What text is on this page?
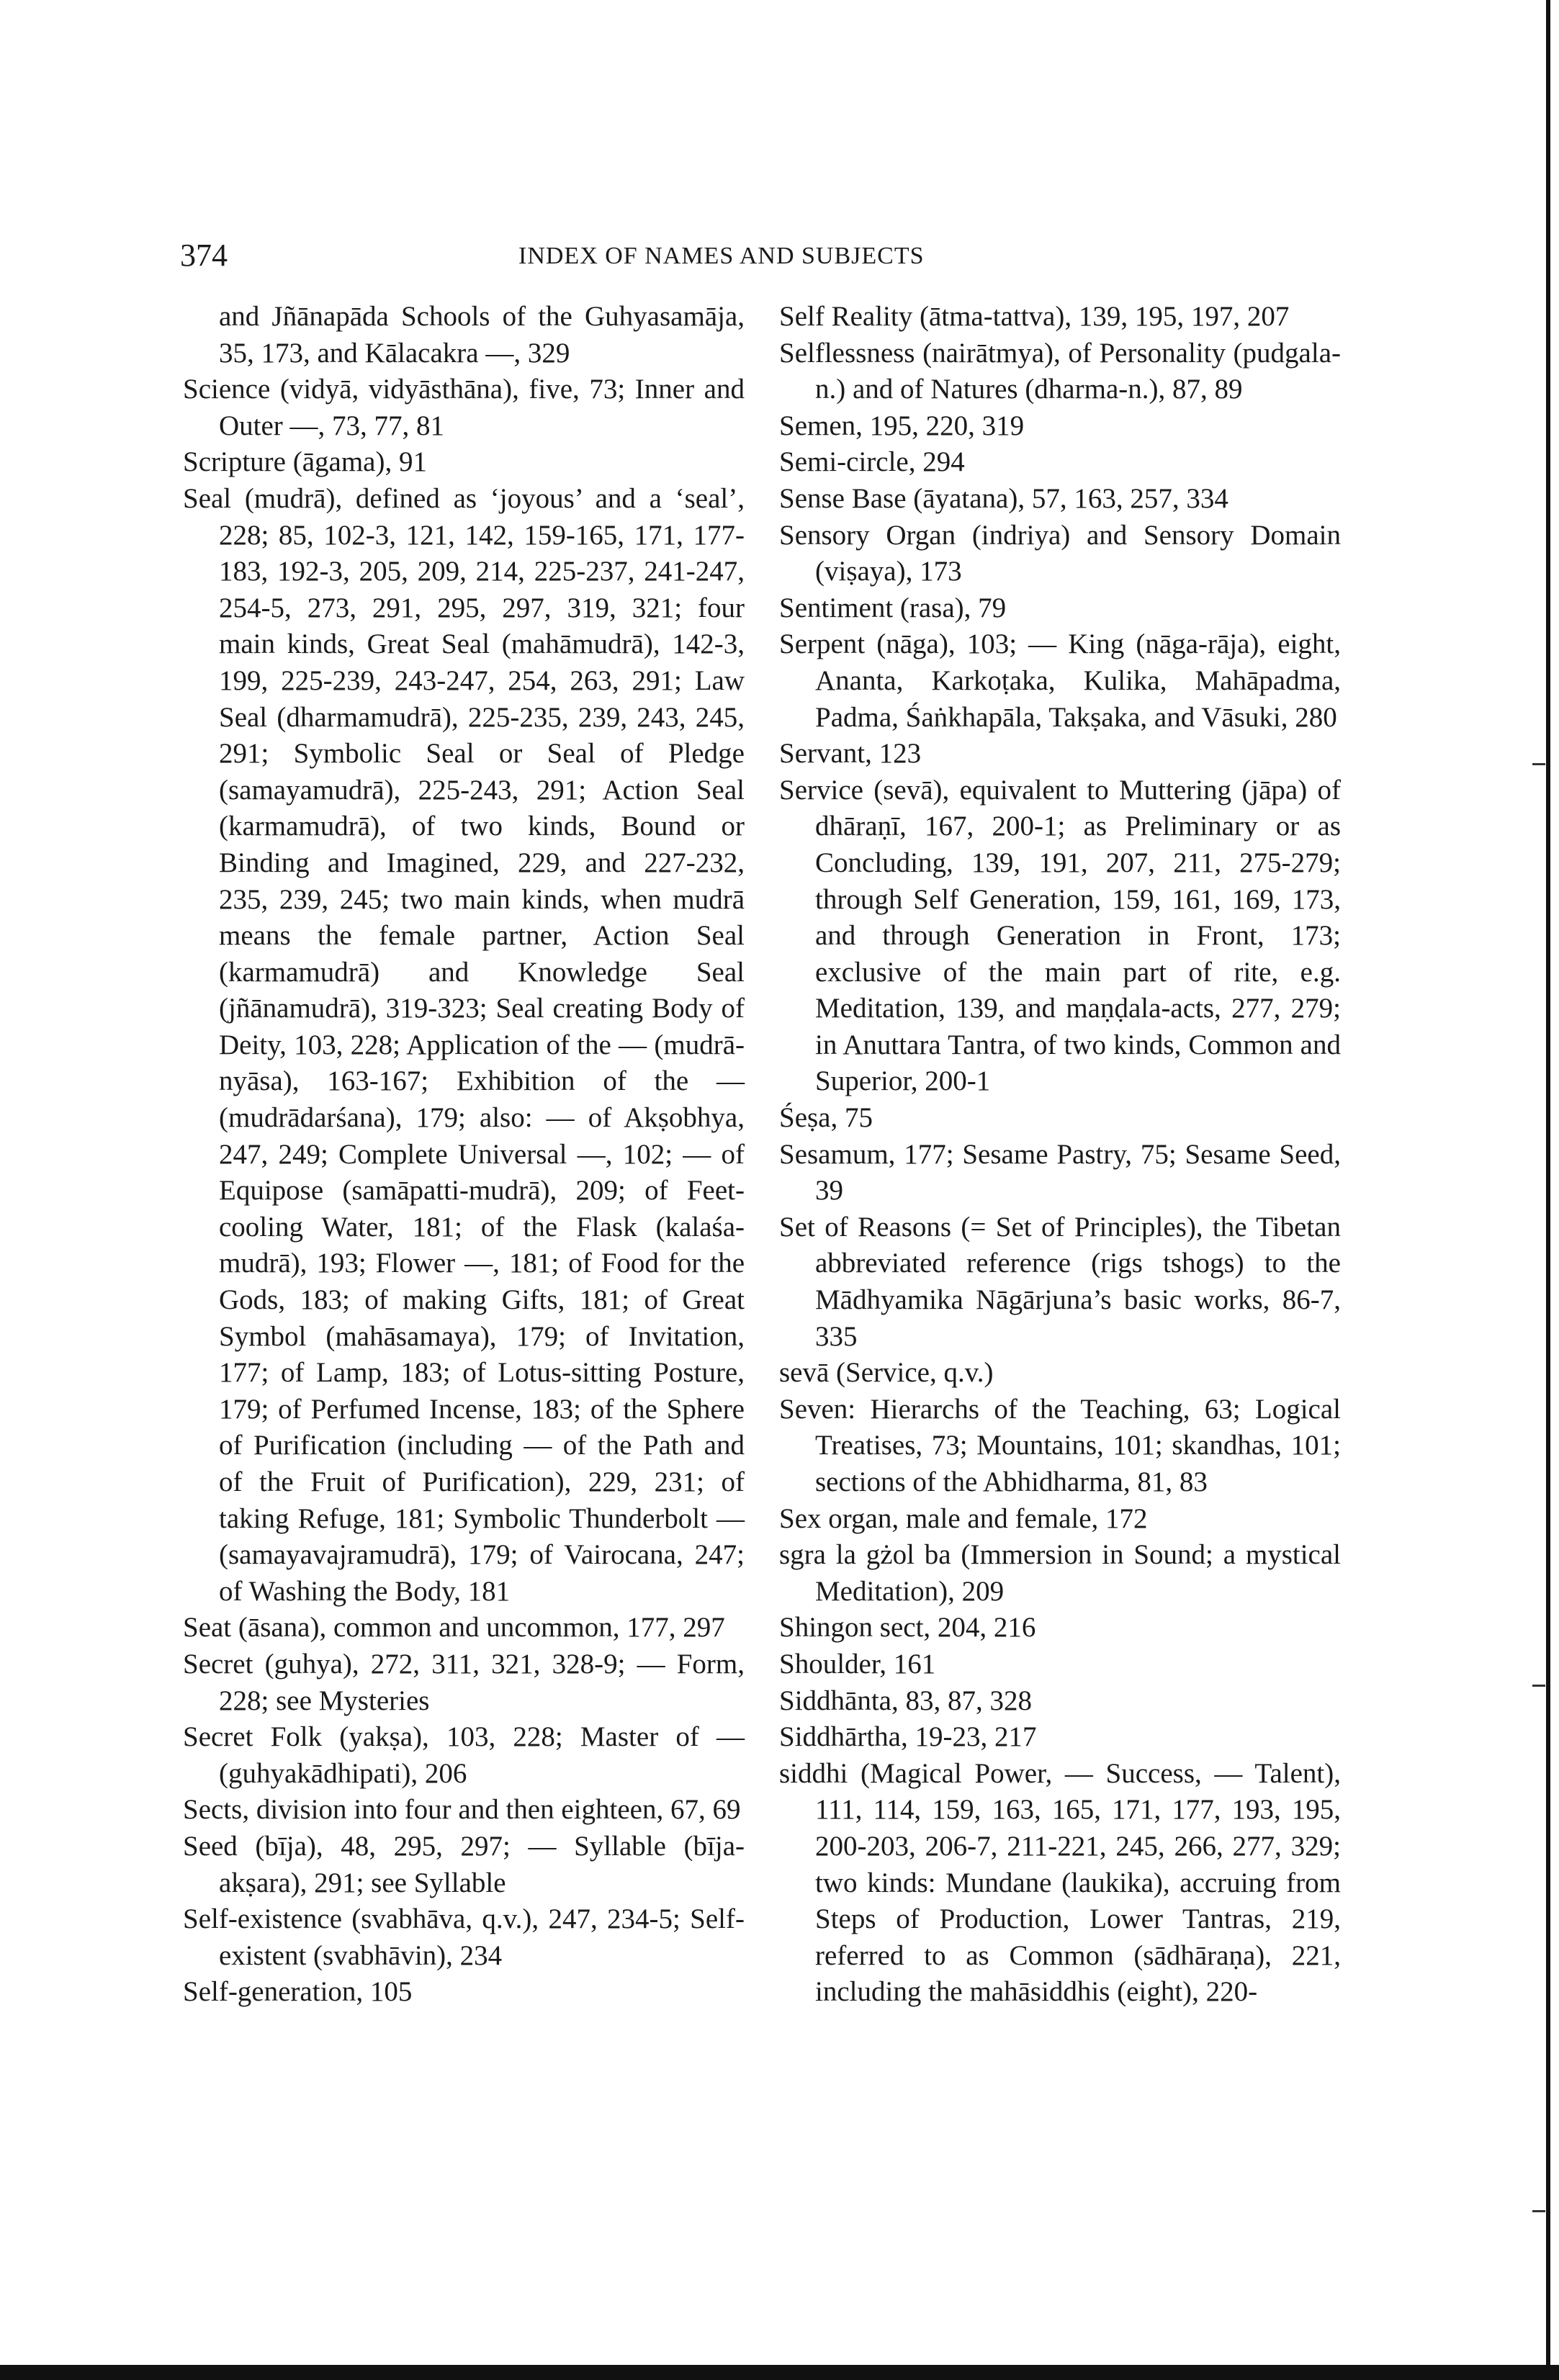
374	INDEX OF NAMES AND SUBJECTS

and Jñānapāda Schools of the Guhyasamāja, 35, 173, and Kālacakra —, 329

Science (vidyā, vidyāsthāna), five, 73; Inner and Outer —, 73, 77, 81

Scripture (āgama), 91

Seal (mudrā), defined as ‘joyous’ and a ‘seal’, 228; 85, 102-3, 121, 142, 159-165, 171, 177-183, 192-3, 205, 209, 214, 225-237, 241-247, 254-5, 273, 291, 295, 297, 319, 321; four main kinds, Great Seal (mahāmudrā), 142-3, 199, 225-239, 243-247, 254, 263, 291; Law Seal (dharmamudrā), 225-235, 239, 243, 245, 291; Symbolic Seal or Seal of Pledge (samayamudrā), 225-243, 291; Action Seal (karmamudrā), of two kinds, Bound or Binding and Imagined, 229, and 227-232, 235, 239, 245; two main kinds, when mudrā means the female partner, Action Seal (karmamudrā) and Knowledge Seal (jñānamudrā), 319-323; Seal creating Body of Deity, 103, 228; Application of the — (mudrā-nyāsa), 163-167; Exhibition of the — (mudrādarśana), 179; also: — of Akṣobhya, 247, 249; Complete Universal —, 102; — of Equipose (samāpatti-mudrā), 209; of Feet-cooling Water, 181; of the Flask (kalaśa-mudrā), 193; Flower —, 181; of Food for the Gods, 183; of making Gifts, 181; of Great Symbol (mahāsamaya), 179; of Invitation, 177; of Lamp, 183; of Lotus-sitting Posture, 179; of Perfumed Incense, 183; of the Sphere of Purification (including — of the Path and of the Fruit of Purification), 229, 231; of taking Refuge, 181; Symbolic Thunderbolt — (samayavajramudrā), 179; of Vairocana, 247; of Washing the Body, 181

Seat (āsana), common and uncommon, 177, 297

Secret (guhya), 272, 311, 321, 328-9; — Form, 228; see Mysteries

Secret Folk (yakṣa), 103, 228; Master of — (guhyakādhipati), 206

Sects, division into four and then eighteen, 67, 69

Seed (bīja), 48, 295, 297; — Syllable (bīja-akṣara), 291; see Syllable

Self-existence (svabhāva, q.v.), 247, 234-5; Self-existent (svabhāvin), 234

Self-generation, 105

Self Reality (ātma-tattva), 139, 195, 197, 207

Selflessness (nairātmya), of Personality (pudgala-n.) and of Natures (dharma-n.), 87, 89

Semen, 195, 220, 319

Semi-circle, 294

Sense Base (āyatana), 57, 163, 257, 334

Sensory Organ (indriya) and Sensory Domain (viṣaya), 173

Sentiment (rasa), 79

Serpent (nāga), 103; — King (nāga-rāja), eight, Ananta, Karkoṭaka, Kulika, Mahāpadma, Padma, Śaṅkhapāla, Takṣaka, and Vāsuki, 280

Servant, 123

Service (sevā), equivalent to Muttering (jāpa) of dhāraṇī, 167, 200-1; as Preliminary or as Concluding, 139, 191, 207, 211, 275-279; through Self Generation, 159, 161, 169, 173, and through Generation in Front, 173; exclusive of the main part of rite, e.g. Meditation, 139, and maṇḍala-acts, 277, 279; in Anuttara Tantra, of two kinds, Common and Superior, 200-1

Śeṣa, 75

Sesamum, 177; Sesame Pastry, 75; Sesame Seed, 39

Set of Reasons (= Set of Principles), the Tibetan abbreviated reference (rigs tshogs) to the Mādhyamika Nāgārjuna’s basic works, 86-7, 335

sevā (Service, q.v.)

Seven: Hierarchs of the Teaching, 63; Logical Treatises, 73; Mountains, 101; skandhas, 101; sections of the Abhidharma, 81, 83

Sex organ, male and female, 172

sgra la gżol ba (Immersion in Sound; a mystical Meditation), 209

Shingon sect, 204, 216

Shoulder, 161

Siddhānta, 83, 87, 328

Siddhārtha, 19-23, 217

siddhi (Magical Power, — Success, — Talent), 111, 114, 159, 163, 165, 171, 177, 193, 195, 200-203, 206-7, 211-221, 245, 266, 277, 329; two kinds: Mundane (laukika), accruing from Steps of Production, Lower Tantras, 219, referred to as Common (sādhāraṇa), 221, including the mahāsiddhis (eight), 220-
